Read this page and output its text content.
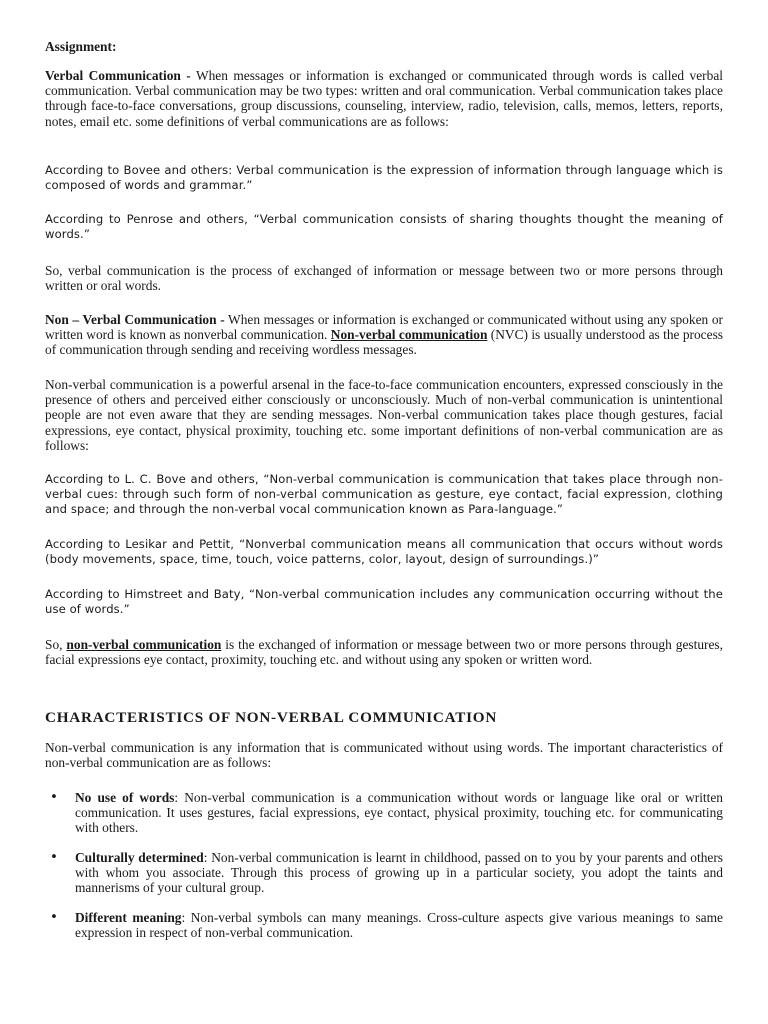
Assignment:

Verbal Communication - When messages or information is exchanged or communicated through words is called verbal communication. Verbal communication may be two types: written and oral communication. Verbal communication takes place through face-to-face conversations, group discussions, counseling, interview, radio, television, calls, memos, letters, reports, notes, email etc. some definitions of verbal communications are as follows:

According to Bovee and others: Verbal communication is the expression of information through language which is composed of words and grammar.”

According to Penrose and others, “Verbal communication consists of sharing thoughts thought the meaning of words.”

So, verbal communication is the process of exchanged of information or message between two or more persons through written or oral words.

Non – Verbal Communication - When messages or information is exchanged or communicated without using any spoken or written word is known as nonverbal communication. Non-verbal communication (NVC) is usually understood as the process of communication through sending and receiving wordless messages.

Non-verbal communication is a powerful arsenal in the face-to-face communication encounters, expressed consciously in the presence of others and perceived either consciously or unconsciously. Much of non-verbal communication is unintentional people are not even aware that they are sending messages. Non-verbal communication takes place though gestures, facial expressions, eye contact, physical proximity, touching etc. some important definitions of non-verbal communication are as follows:

According to L. C. Bove and others, “Non-verbal communication is communication that takes place through non-verbal cues: through such form of non-verbal communication as gesture, eye contact, facial expression, clothing and space; and through the non-verbal vocal communication known as Para-language.”

According to Lesikar and Pettit, “Nonverbal communication means all communication that occurs without words (body movements, space, time, touch, voice patterns, color, layout, design of surroundings.)”

According to Himstreet and Baty, “Non-verbal communication includes any communication occurring without the use of words.”

So, non-verbal communication is the exchanged of information or message between two or more persons through gestures, facial expressions eye contact, proximity, touching etc. and without using any spoken or written word.

CHARACTERISTICS OF NON-VERBAL COMMUNICATION

Non-verbal communication is any information that is communicated without using words. The important characteristics of non-verbal communication are as follows:

• No use of words: Non-verbal communication is a communication without words or language like oral or written communication. It uses gestures, facial expressions, eye contact, physical proximity, touching etc. for communicating with others.

• Culturally determined: Non-verbal communication is learnt in childhood, passed on to you by your parents and others with whom you associate. Through this process of growing up in a particular society, you adopt the taints and mannerisms of your cultural group.

• Different meaning: Non-verbal symbols can many meanings. Cross-culture aspects give various meanings to same expression in respect of non-verbal communication.
